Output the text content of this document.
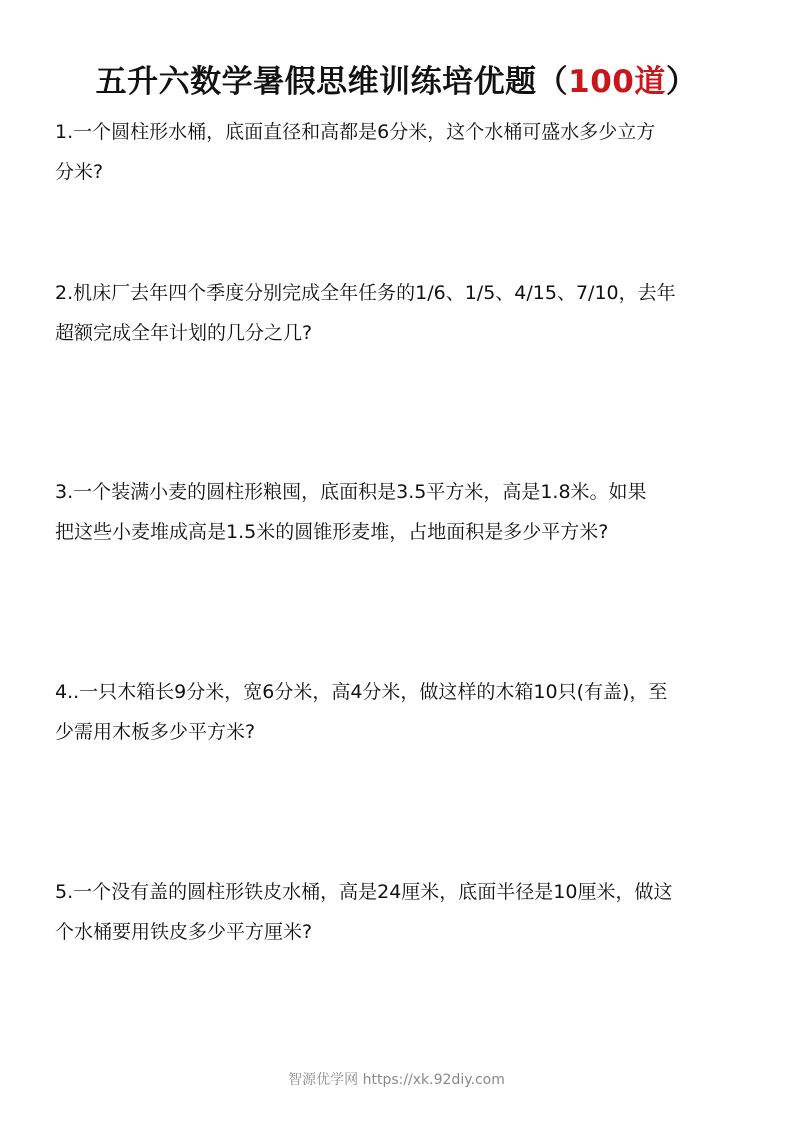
五升六数学暑假思维训练培优题（100道）
1.一个圆柱形水桶，底面直径和高都是6分米，这个水桶可盛水多少立方
分米?
2.机床厂去年四个季度分别完成全年任务的1/6、1/5、4/15、7/10，去年
超额完成全年计划的几分之几?
3.一个装满小麦的圆柱形粮囤，底面积是3.5平方米，高是1.8米。如果
把这些小麦堆成高是1.5米的圆锥形麦堆，占地面积是多少平方米?
4..一只木箱长9分米，宽6分米，高4分米，做这样的木箱10只(有盖)，至
少需用木板多少平方米?
5.一个没有盖的圆柱形铁皮水桶，高是24厘米，底面半径是10厘米，做这
个水桶要用铁皮多少平方厘米?
智源优学网 https://xk.92diy.com
